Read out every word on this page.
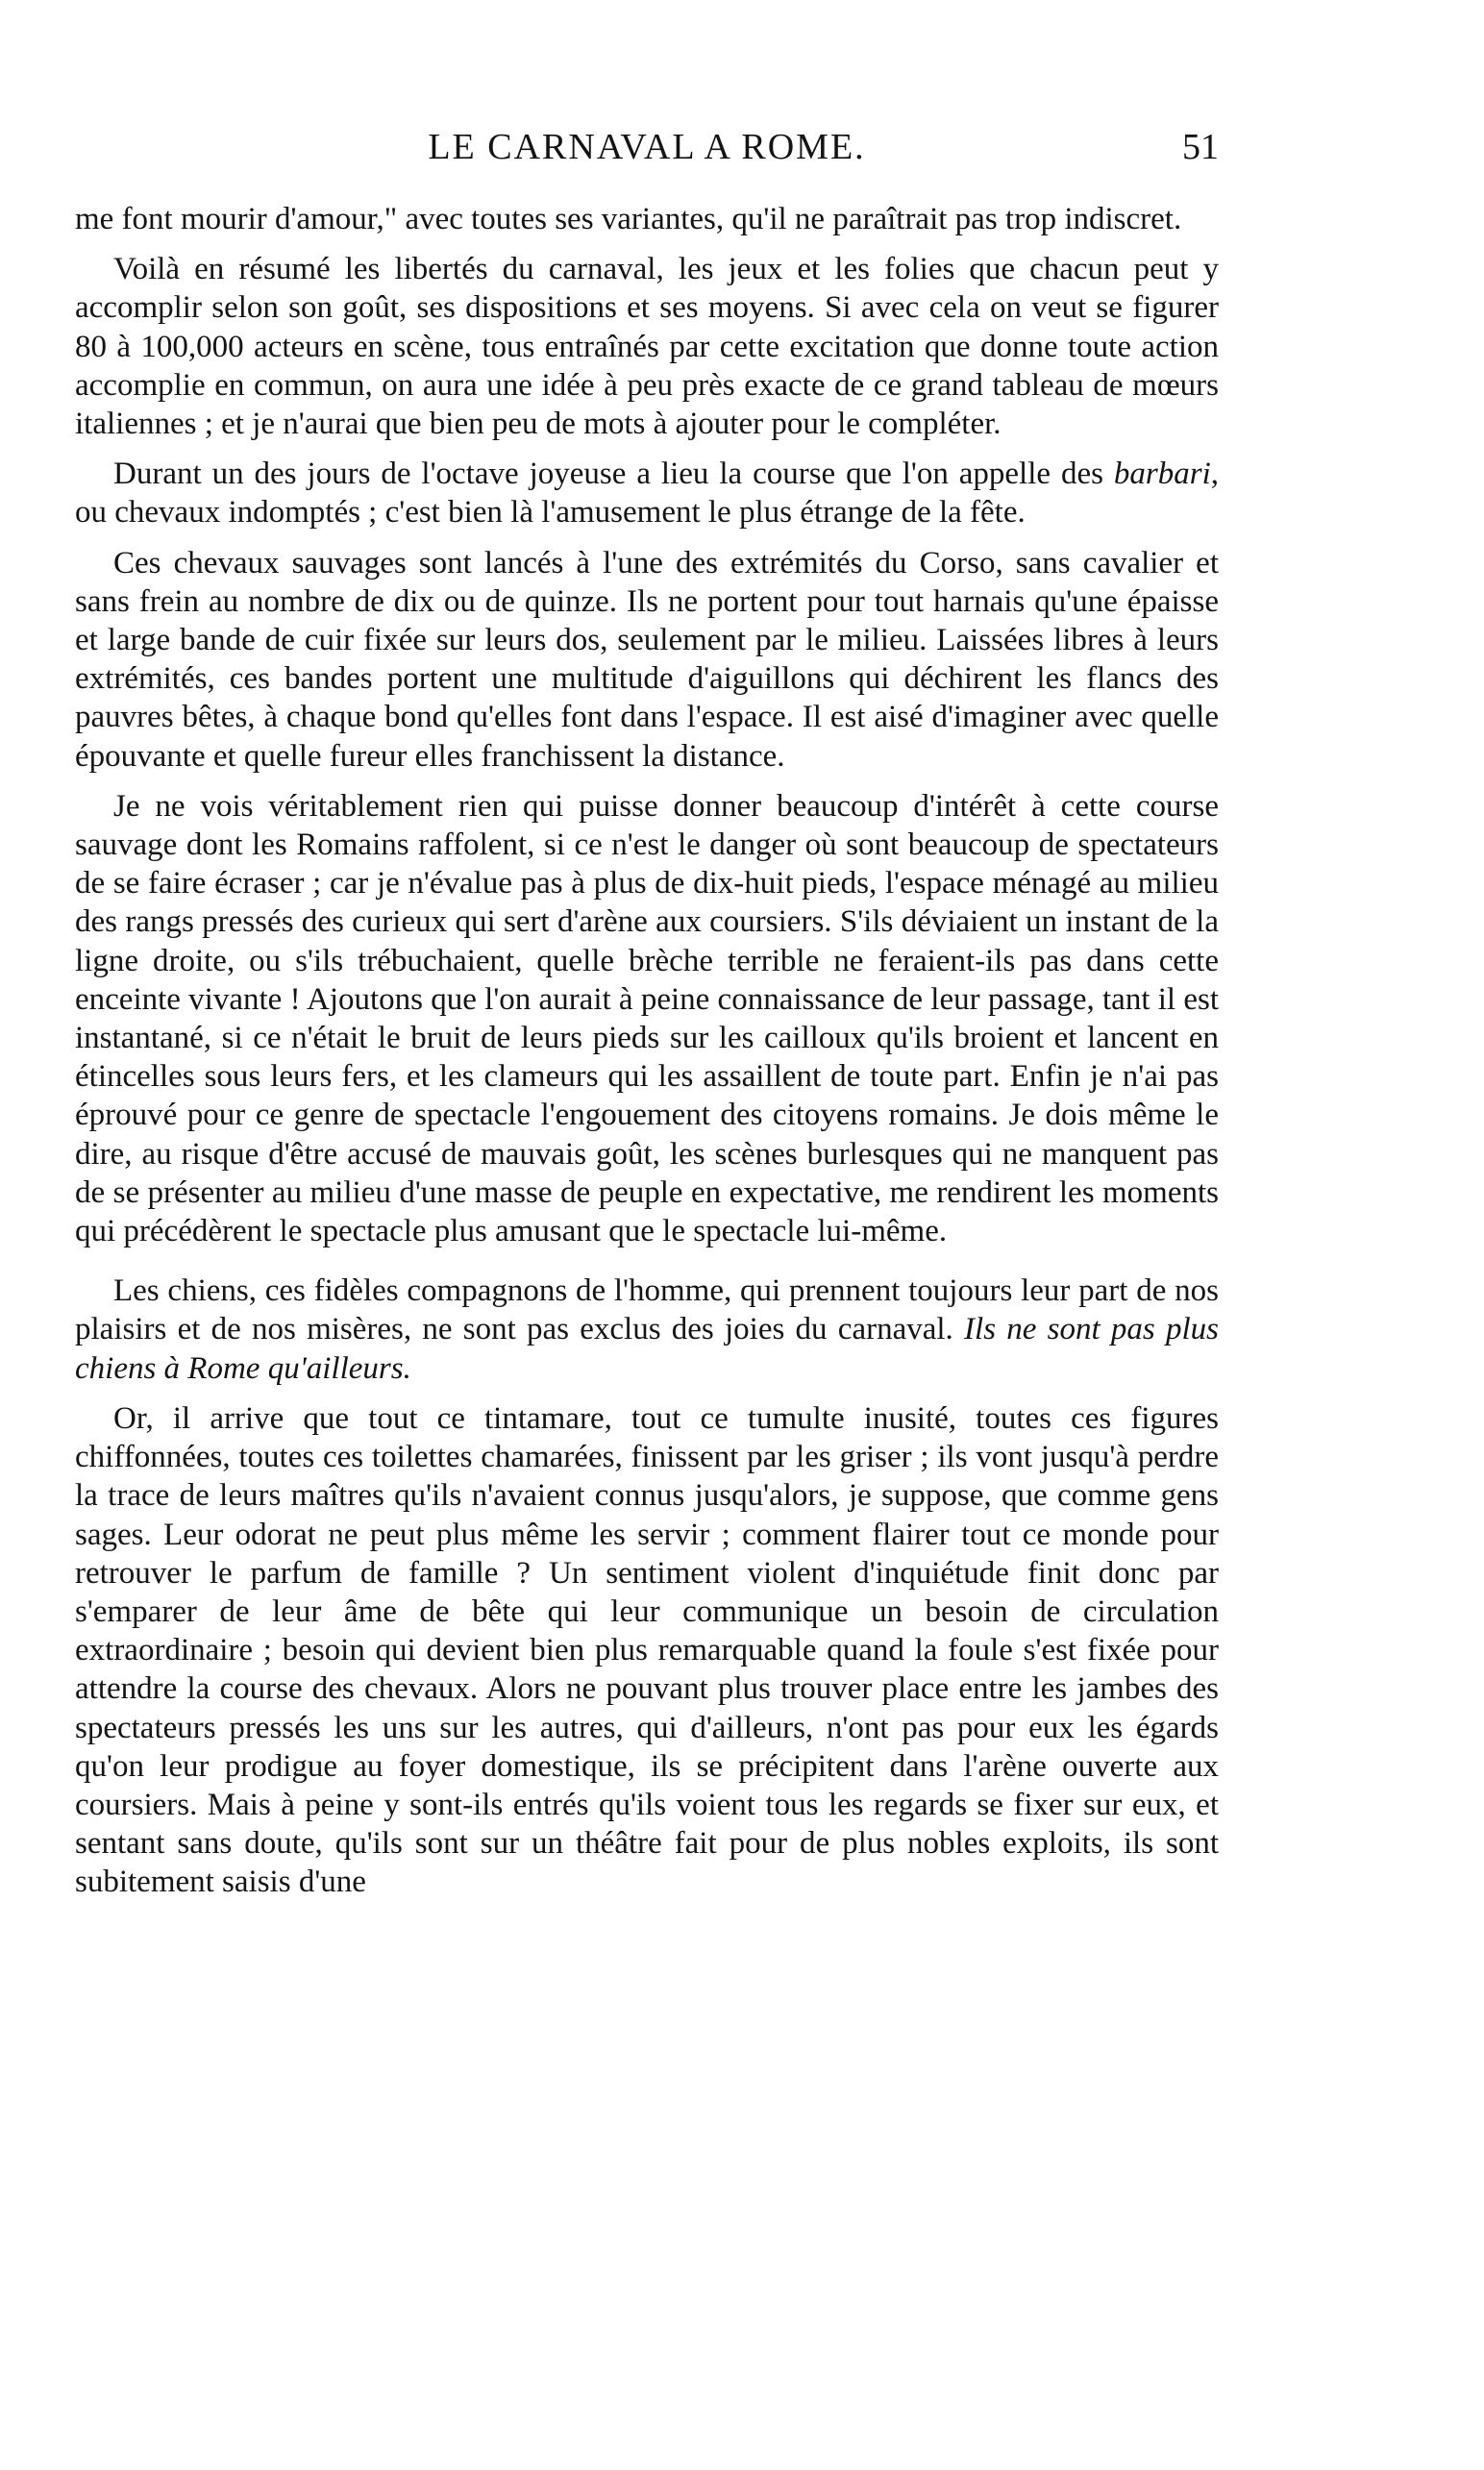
LE CARNAVAL A ROME.	51

me font mourir d'amour," avec toutes ses variantes, qu'il ne paraîtrait pas trop indiscret.

Voilà en résumé les libertés du carnaval, les jeux et les folies que chacun peut y accomplir selon son goût, ses dispositions et ses moyens. Si avec cela on veut se figurer 80 à 100,000 acteurs en scène, tous entraînés par cette excitation que donne toute action accomplie en commun, on aura une idée à peu près exacte de ce grand tableau de mœurs italiennes ; et je n'aurai que bien peu de mots à ajouter pour le compléter.

Durant un des jours de l'octave joyeuse a lieu la course que l'on appelle des barbari, ou chevaux indomptés ; c'est bien là l'amusement le plus étrange de la fête.

Ces chevaux sauvages sont lancés à l'une des extrémités du Corso, sans cavalier et sans frein au nombre de dix ou de quinze. Ils ne portent pour tout harnais qu'une épaisse et large bande de cuir fixée sur leurs dos, seulement par le milieu. Laissées libres à leurs extrémités, ces bandes portent une multitude d'aiguillons qui déchirent les flancs des pauvres bêtes, à chaque bond qu'elles font dans l'espace. Il est aisé d'imaginer avec quelle épouvante et quelle fureur elles franchissent la distance.

Je ne vois véritablement rien qui puisse donner beaucoup d'intérêt à cette course sauvage dont les Romains raffolent, si ce n'est le danger où sont beaucoup de spectateurs de se faire écraser ; car je n'évalue pas à plus de dix-huit pieds, l'espace ménagé au milieu des rangs pressés des curieux qui sert d'arène aux coursiers. S'ils déviaient un instant de la ligne droite, ou s'ils trébuchaient, quelle brèche terrible ne feraient-ils pas dans cette enceinte vivante ! Ajoutons que l'on aurait à peine connaissance de leur passage, tant il est instantané, si ce n'était le bruit de leurs pieds sur les cailloux qu'ils broient et lancent en étincelles sous leurs fers, et les clameurs qui les assaillent de toute part. Enfin je n'ai pas éprouvé pour ce genre de spectacle l'engouement des citoyens romains. Je dois même le dire, au risque d'être accusé de mauvais goût, les scènes burlesques qui ne manquent pas de se présenter au milieu d'une masse de peuple en expectative, me rendirent les moments qui précédèrent le spectacle plus amusant que le spectacle lui-même.

Les chiens, ces fidèles compagnons de l'homme, qui prennent toujours leur part de nos plaisirs et de nos misères, ne sont pas exclus des joies du carnaval. Ils ne sont pas plus chiens à Rome qu'ailleurs.

Or, il arrive que tout ce tintamare, tout ce tumulte inusité, toutes ces figures chiffonnées, toutes ces toilettes chamarées, finissent par les griser ; ils vont jusqu'à perdre la trace de leurs maîtres qu'ils n'avaient connus jusqu'alors, je suppose, que comme gens sages. Leur odorat ne peut plus même les servir ; comment flairer tout ce monde pour retrouver le parfum de famille ? Un sentiment violent d'inquiétude finit donc par s'emparer de leur âme de bête qui leur communique un besoin de circulation extraordinaire ; besoin qui devient bien plus remarquable quand la foule s'est fixée pour attendre la course des chevaux. Alors ne pouvant plus trouver place entre les jambes des spectateurs pressés les uns sur les autres, qui d'ailleurs, n'ont pas pour eux les égards qu'on leur prodigue au foyer domestique, ils se précipitent dans l'arène ouverte aux coursiers. Mais à peine y sont-ils entrés qu'ils voient tous les regards se fixer sur eux, et sentant sans doute, qu'ils sont sur un théâtre fait pour de plus nobles exploits, ils sont subitement saisis d'une
